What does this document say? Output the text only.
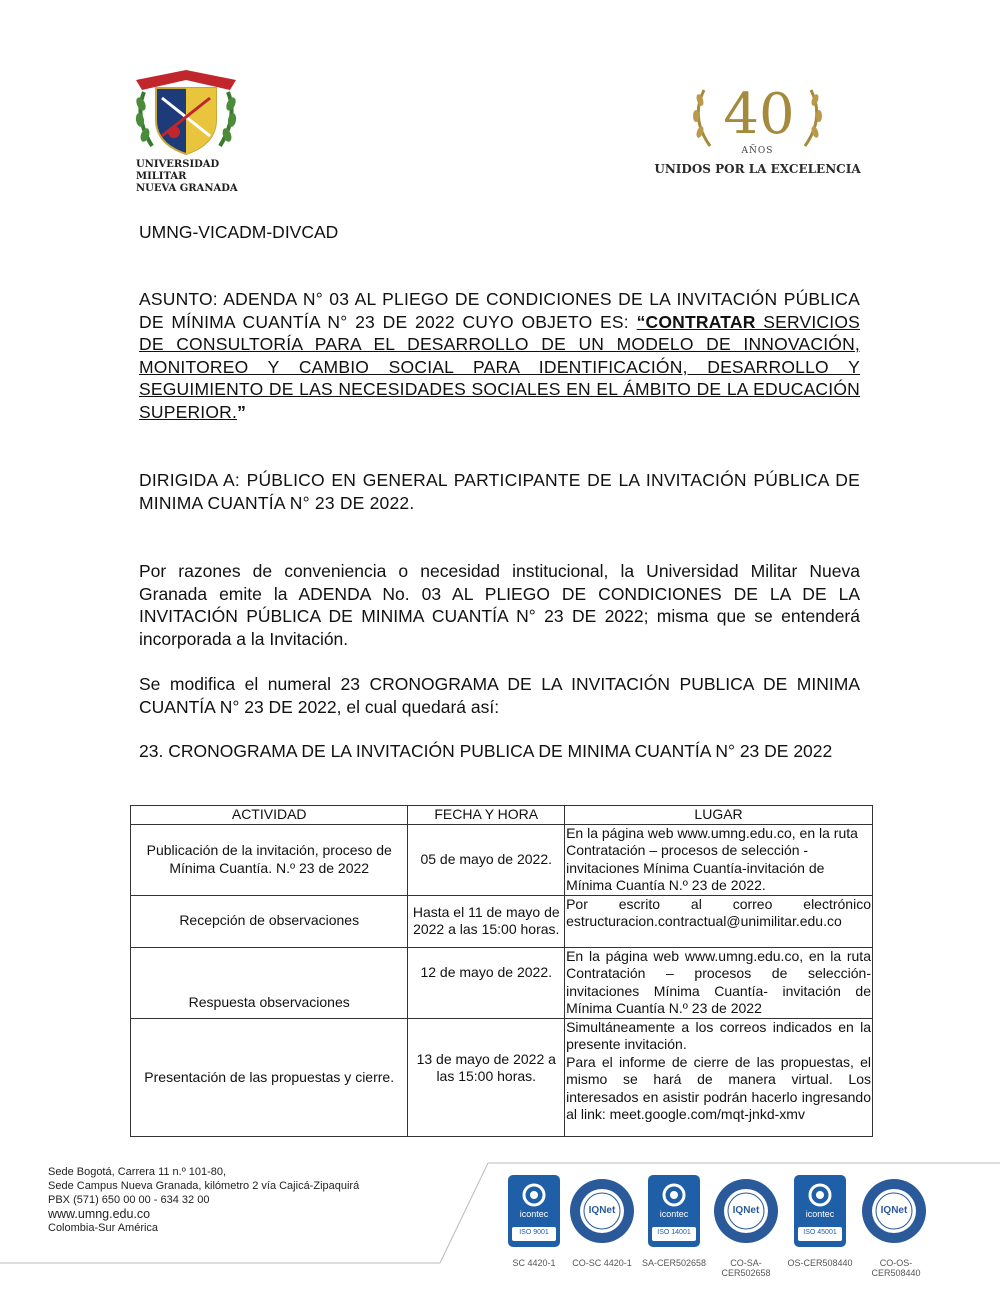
UNIVERSIDAD MILITAR
NUEVA GRANADA
40
AÑOS
UNIDOS POR LA EXCELENCIA
UMNG-VICADM-DIVCAD
ASUNTO: ADENDA N° 03 AL PLIEGO DE CONDICIONES DE LA INVITACIÓN PÚBLICA DE MÍNIMA CUANTÍA N° 23 DE 2022 CUYO OBJETO ES: “CONTRATAR SERVICIOS DE CONSULTORÍA PARA EL DESARROLLO DE UN MODELO DE INNOVACIÓN, MONITOREO Y CAMBIO SOCIAL PARA IDENTIFICACIÓN, DESARROLLO Y SEGUIMIENTO DE LAS NECESIDADES SOCIALES EN EL ÁMBITO DE LA EDUCACIÓN SUPERIOR.”
DIRIGIDA A: PÚBLICO EN GENERAL PARTICIPANTE DE LA INVITACIÓN PÚBLICA DE MINIMA CUANTÍA N° 23 DE 2022.
Por razones de conveniencia o necesidad institucional, la Universidad Militar Nueva Granada emite la ADENDA No. 03 AL PLIEGO DE CONDICIONES DE LA DE LA INVITACIÓN PÚBLICA DE MINIMA CUANTÍA N° 23 DE 2022; misma que se entenderá incorporada a la Invitación.
Se modifica el numeral 23 CRONOGRAMA DE LA INVITACIÓN PUBLICA DE MINIMA CUANTÍA N° 23 DE 2022, el cual quedará así:
23. CRONOGRAMA DE LA INVITACIÓN PUBLICA DE MINIMA CUANTÍA N° 23 DE 2022
ACTIVIDAD	FECHA Y HORA	LUGAR
Publicación de la invitación, proceso de Mínima Cuantía. N.º 23 de 2022	05 de mayo de 2022.	En la página web www.umng.edu.co, en la ruta Contratación – procesos de selección - invitaciones Mínima Cuantía-invitación de Mínima Cuantía N.º 23 de 2022.
Recepción de observaciones	Hasta el 11 de mayo de 2022 a las 15:00 horas.	Por escrito al correo electrónico estructuracion.contractual@unimilitar.edu.co
Respuesta observaciones	12 de mayo de 2022.	En la página web www.umng.edu.co, en la ruta Contratación – procesos de selección-invitaciones Mínima Cuantía- invitación de Mínima Cuantía N.º 23 de 2022
Presentación de las propuestas y cierre.	13 de mayo de 2022 a las 15:00 horas.	Simultáneamente a los correos indicados en la presente invitación.
Para el informe de cierre de las propuestas, el mismo se hará de manera virtual. Los interesados en asistir podrán hacerlo ingresando al link: meet.google.com/mqt-jnkd-xmv
Sede Bogotá, Carrera 11 n.º 101-80,
Sede Campus Nueva Granada, kilómetro 2 vía Cajicá-Zipaquirá
PBX (571) 650 00 00 - 634 32 00
www.umng.edu.co
Colombia-Sur América
icontec
ISO 9001
IQNet	icontec
ISO 14001
IQNet	icontec
ISO 45001
IQNet
SC 4420-1	CO-SC 4420-1	SA-CER502658	CO-SA-CER502658
OS-CER508440	CO-OS-CER508440
